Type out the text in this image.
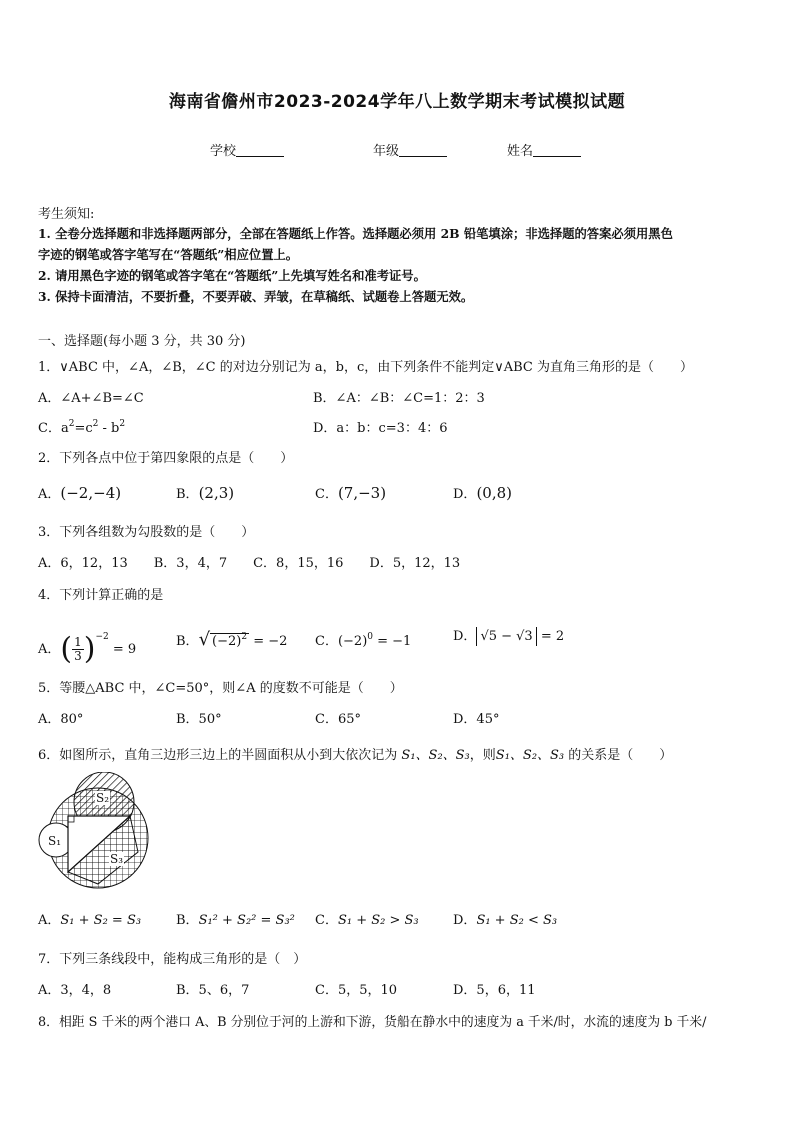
海南省儋州市2023-2024学年八上数学期末考试模拟试题
学校	年级	姓名
考生须知:
1. 全卷分选择题和非选择题两部分，全部在答题纸上作答。选择题必须用 2B 铅笔填涂；非选择题的答案必须用黑色
字迹的钢笔或答字笔写在“答题纸”相应位置上。
2. 请用黑色字迹的钢笔或答字笔在“答题纸”上先填写姓名和准考证号。
3. 保持卡面清洁，不要折叠，不要弄破、弄皱，在草稿纸、试题卷上答题无效。
一、选择题(每小题 3 分，共 30 分)
1．∨ABC 中，∠A，∠B，∠C 的对边分别记为 a，b，c，由下列条件不能判定∨ABC 为直角三角形的是（　　）
A．∠A+∠B=∠C	B．∠A：∠B：∠C=1：2：3
C．$a^2=c^2 - b^2$	D．a：b：c=3：4：6
2．下列各点中位于第四象限的点是（　　）
A．(−2,−4)	B．(2,3)	C．(7,−3)	D．(0,8)
3．下列各组数为勾股数的是（　　）
A．6，12，13　　B．3，4，7　　C．8，15，16　　D．5，12，13
4．下列计算正确的是
A．( $\frac{1}{3} )^{-2} = 9$
B．√ $(-2)^2 = -2$ C．$(-2)^0 = -1$	D． √5 − √3 = 2
5．等腰△ABC 中，∠C=50°，则∠A 的度数不可能是（　　）
A．80°	B．50°	C．65°	D．45°
6．如图所示，直角三边形三边上的半圆面积从小到大依次记为 S₁、S₂、S₃，则S₁、S₂、S₃ 的关系是（　　）
S₂
S₁
S₃
A．S₁ + S₂ = S₃	B．S₁² + S₂² = S₃² C．S₁ + S₂ > S₃	D．S₁ + S₂ < S₃
7．下列三条线段中，能构成三角形的是（　）
A．3，4，8	B．5、6，7	C．5，5，10	D．5，6，11
8．相距 S 千米的两个港口 A、B 分别位于河的上游和下游，货船在静水中的速度为 a 千米/时，水流的速度为 b 千米/
